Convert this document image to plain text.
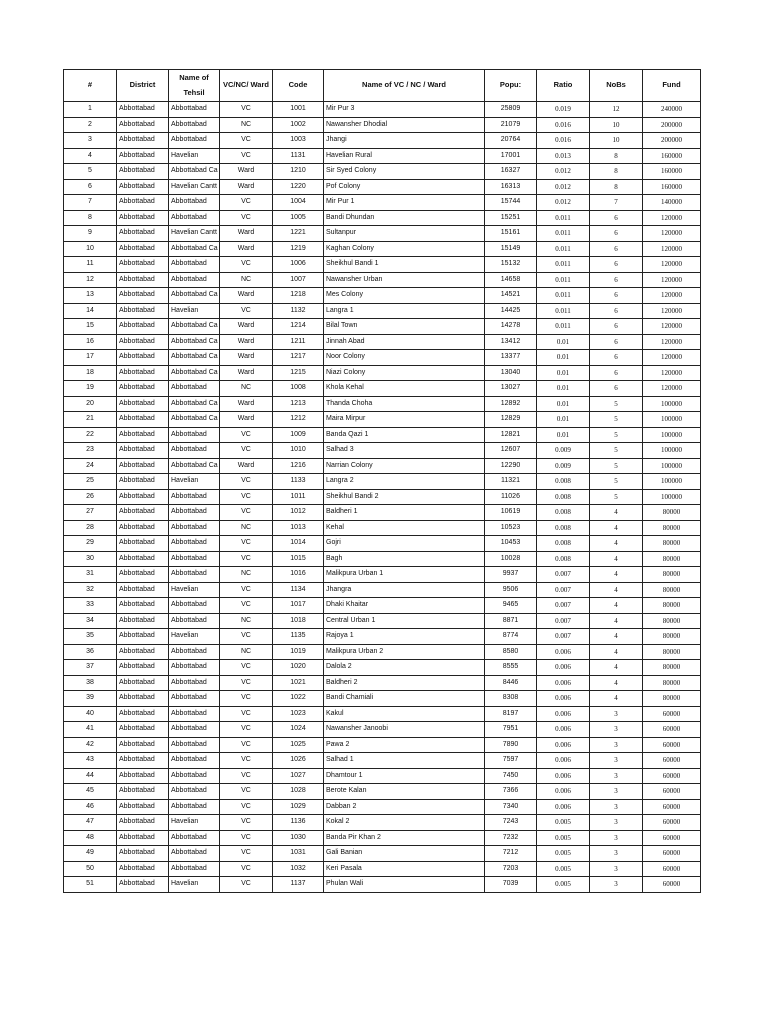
#	District	Name of Tehsil	VC/NC/ Ward	Code	Name of VC / NC / Ward	Popu:	Ratio	NoBs	Fund
1	Abbottabad	Abbottabad	VC	1001	Mir Pur 3	25809	0.019	12	240000
2	Abbottabad	Abbottabad	NC	1002	Nawansher Dhodial	21079	0.016	10	200000
3	Abbottabad	Abbottabad	VC	1003	Jhangi	20764	0.016	10	200000
4	Abbottabad	Havelian	VC	1131	Havelian Rural	17001	0.013	8	160000
5	Abbottabad	Abbottabad Ca	Ward	1210	Sir Syed Colony	16327	0.012	8	160000
6	Abbottabad	Havelian Cantt	Ward	1220	Pof Colony	16313	0.012	8	160000
7	Abbottabad	Abbottabad	VC	1004	Mir Pur 1	15744	0.012	7	140000
8	Abbottabad	Abbottabad	VC	1005	Bandi Dhundan	15251	0.011	6	120000
9	Abbottabad	Havelian Cantt	Ward	1221	Sultanpur	15161	0.011	6	120000
10	Abbottabad	Abbottabad Ca	Ward	1219	Kaghan Colony	15149	0.011	6	120000
11	Abbottabad	Abbottabad	VC	1006	Sheikhul Bandi 1	15132	0.011	6	120000
12	Abbottabad	Abbottabad	NC	1007	Nawansher Urban	14658	0.011	6	120000
13	Abbottabad	Abbottabad Ca	Ward	1218	Mes Colony	14521	0.011	6	120000
14	Abbottabad	Havelian	VC	1132	Langra 1	14425	0.011	6	120000
15	Abbottabad	Abbottabad Ca	Ward	1214	Bilal Town	14278	0.011	6	120000
16	Abbottabad	Abbottabad Ca	Ward	1211	Jinnah Abad	13412	0.01	6	120000
17	Abbottabad	Abbottabad Ca	Ward	1217	Noor Colony	13377	0.01	6	120000
18	Abbottabad	Abbottabad Ca	Ward	1215	Niazi Colony	13040	0.01	6	120000
19	Abbottabad	Abbottabad	NC	1008	Khola Kehal	13027	0.01	6	120000
20	Abbottabad	Abbottabad Ca	Ward	1213	Thanda Choha	12892	0.01	5	100000
21	Abbottabad	Abbottabad Ca	Ward	1212	Maira Mirpur	12829	0.01	5	100000
22	Abbottabad	Abbottabad	VC	1009	Banda Qazi 1	12821	0.01	5	100000
23	Abbottabad	Abbottabad	VC	1010	Salhad 3	12607	0.009	5	100000
24	Abbottabad	Abbottabad Ca	Ward	1216	Narrian Colony	12290	0.009	5	100000
25	Abbottabad	Havelian	VC	1133	Langra 2	11321	0.008	5	100000
26	Abbottabad	Abbottabad	VC	1011	Sheikhul Bandi 2	11026	0.008	5	100000
27	Abbottabad	Abbottabad	VC	1012	Baldheri 1	10619	0.008	4	80000
28	Abbottabad	Abbottabad	NC	1013	Kehal	10523	0.008	4	80000
29	Abbottabad	Abbottabad	VC	1014	Gojri	10453	0.008	4	80000
30	Abbottabad	Abbottabad	VC	1015	Bagh	10028	0.008	4	80000
31	Abbottabad	Abbottabad	NC	1016	Malikpura Urban 1	9937	0.007	4	80000
32	Abbottabad	Havelian	VC	1134	Jhangra	9506	0.007	4	80000
33	Abbottabad	Abbottabad	VC	1017	Dhaki Khaitar	9465	0.007	4	80000
34	Abbottabad	Abbottabad	NC	1018	Central Urban 1	8871	0.007	4	80000
35	Abbottabad	Havelian	VC	1135	Rajoya 1	8774	0.007	4	80000
36	Abbottabad	Abbottabad	NC	1019	Malikpura Urban 2	8580	0.006	4	80000
37	Abbottabad	Abbottabad	VC	1020	Dalola 2	8555	0.006	4	80000
38	Abbottabad	Abbottabad	VC	1021	Baldheri 2	8446	0.006	4	80000
39	Abbottabad	Abbottabad	VC	1022	Bandi Chamiali	8308	0.006	4	80000
40	Abbottabad	Abbottabad	VC	1023	Kakul	8197	0.006	3	60000
41	Abbottabad	Abbottabad	VC	1024	Nawansher Janoobi	7951	0.006	3	60000
42	Abbottabad	Abbottabad	VC	1025	Pawa 2	7890	0.006	3	60000
43	Abbottabad	Abbottabad	VC	1026	Salhad 1	7597	0.006	3	60000
44	Abbottabad	Abbottabad	VC	1027	Dhamtour 1	7450	0.006	3	60000
45	Abbottabad	Abbottabad	VC	1028	Berote Kalan	7366	0.006	3	60000
46	Abbottabad	Abbottabad	VC	1029	Dabban 2	7340	0.006	3	60000
47	Abbottabad	Havelian	VC	1136	Kokal 2	7243	0.005	3	60000
48	Abbottabad	Abbottabad	VC	1030	Banda Pir Khan 2	7232	0.005	3	60000
49	Abbottabad	Abbottabad	VC	1031	Gali Banian	7212	0.005	3	60000
50	Abbottabad	Abbottabad	VC	1032	Keri Pasala	7203	0.005	3	60000
51	Abbottabad	Havelian	VC	1137	Phulan Wali	7039	0.005	3	60000
